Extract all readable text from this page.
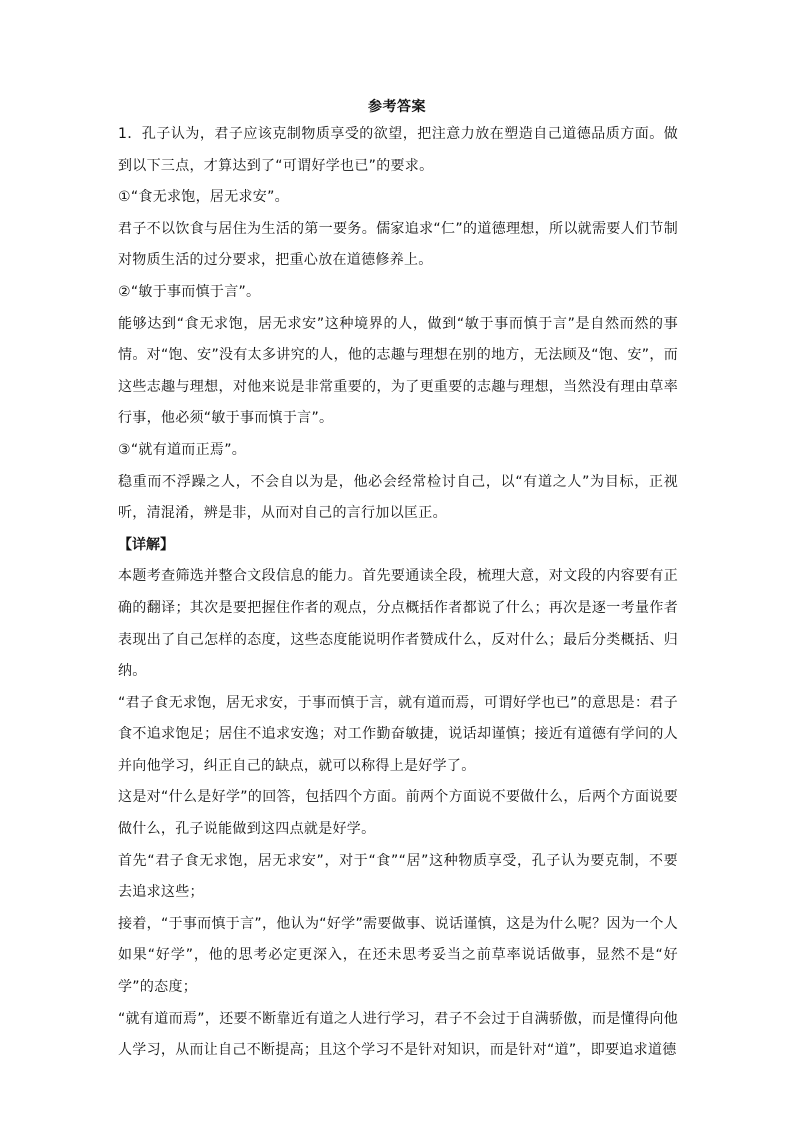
参考答案

1．孔子认为，君子应该克制物质享受的欲望，把注意力放在塑造自己道德品质方面。做到以下三点，才算达到了“可谓好学也已”的要求。

①“食无求饱，居无求安”。

君子不以饮食与居住为生活的第一要务。儒家追求“仁”的道德理想，所以就需要人们节制对物质生活的过分要求，把重心放在道德修养上。

②“敏于事而慎于言”。

能够达到“食无求饱，居无求安”这种境界的人，做到“敏于事而慎于言”是自然而然的事情。对“饱、安”没有太多讲究的人，他的志趣与理想在别的地方，无法顾及“饱、安”，而这些志趣与理想，对他来说是非常重要的，为了更重要的志趣与理想，当然没有理由草率行事，他必须“敏于事而慎于言”。

③“就有道而正焉”。

稳重而不浮躁之人，不会自以为是，他必会经常检讨自己，以“有道之人”为目标，正视听，清混淆，辨是非，从而对自己的言行加以匡正。

【详解】

本题考查筛选并整合文段信息的能力。首先要通读全段，梳理大意，对文段的内容要有正确的翻译；其次是要把握住作者的观点，分点概括作者都说了什么；再次是逐一考量作者表现出了自己怎样的态度，这些态度能说明作者赞成什么，反对什么；最后分类概括、归纳。

“君子食无求饱，居无求安，于事而慎于言，就有道而焉，可谓好学也已”的意思是：君子食不追求饱足；居住不追求安逸；对工作勤奋敏捷，说话却谨慎；接近有道德有学问的人并向他学习，纠正自己的缺点，就可以称得上是好学了。

这是对“什么是好学”的回答，包括四个方面。前两个方面说不要做什么，后两个方面说要做什么，孔子说能做到这四点就是好学。

首先“君子食无求饱，居无求安”，对于“食”“居”这种物质享受，孔子认为要克制，不要去追求这些；

接着，“于事而慎于言”，他认为“好学”需要做事、说话谨慎，这是为什么呢？因为一个人如果“好学”，他的思考必定更深入，在还未思考妥当之前草率说话做事，显然不是“好学”的态度；

“就有道而焉”，还要不断靠近有道之人进行学习，君子不会过于自满骄傲，而是懂得向他人学习，从而让自己不断提高；且这个学习不是针对知识，而是针对“道”，即要追求道德
